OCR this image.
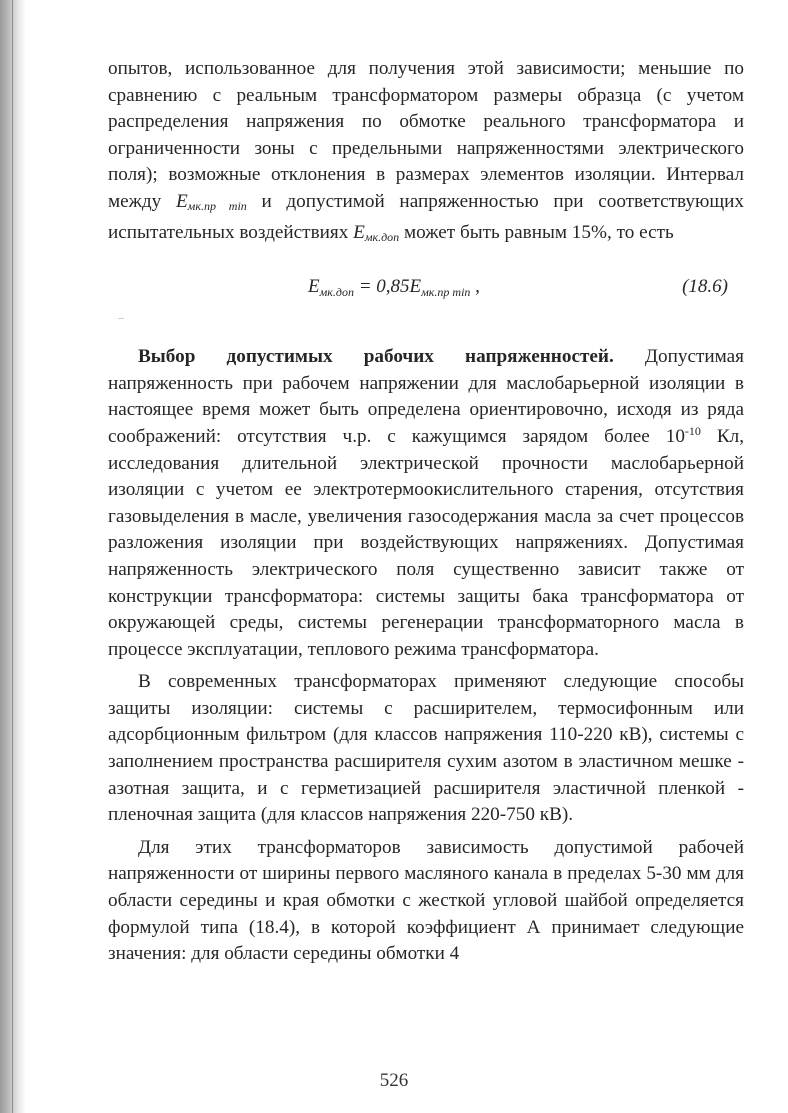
опытов, использованное для получения этой зависимости; меньшие по сравнению с реальным трансформатором размеры образца (с учетом распределения напряжения по обмотке реального трансформатора и ограниченности зоны с предельными напряженностями электрического поля); возможные отклонения в размерах элементов изоляции. Интервал между $E_{мк.пр min}$ и допустимой напряженностью при соответствующих испытательных воздействиях $E_{мк.доп}$ может быть равным 15%, то есть

$E_{мк.доп} = 0,85E_{мк.пр min}$ ,	(18.6)

Выбор допустимых рабочих напряженностей. Допустимая напряженность при рабочем напряжении для маслобарьерной изоляции в настоящее время может быть определена ориентировочно, исходя из ряда соображений: отсутствия ч.р. с кажущимся зарядом более $10^{-10}$ Кл, исследования длительной электрической прочности маслобарьерной изоляции с учетом ее электротермоокислительного старения, отсутствия газовыделения в масле, увеличения газосодержания масла за счет процессов разложения изоляции при воздействующих напряжениях. Допустимая напряженность электрического поля существенно зависит также от конструкции трансформатора: системы защиты бака трансформатора от окружающей среды, системы регенерации трансформаторного масла в процессе эксплуатации, теплового режима трансформатора.

В современных трансформаторах применяют следующие способы защиты изоляции: системы с расширителем, термосифонным или адсорбционным фильтром (для классов напряжения 110-220 кВ), системы с заполнением пространства расширителя сухим азотом в эластичном мешке - азотная защита, и с герметизацией расширителя эластичной пленкой - пленочная защита (для классов напряжения 220-750 кВ).

Для этих трансформаторов зависимость допустимой рабочей напряженности от ширины первого масляного канала в пределах 5-30 мм для области середины и края обмотки с жесткой угловой шайбой определяется формулой типа (18.4), в которой коэффициент А принимает следующие значения: для области середины обмотки 4

526
